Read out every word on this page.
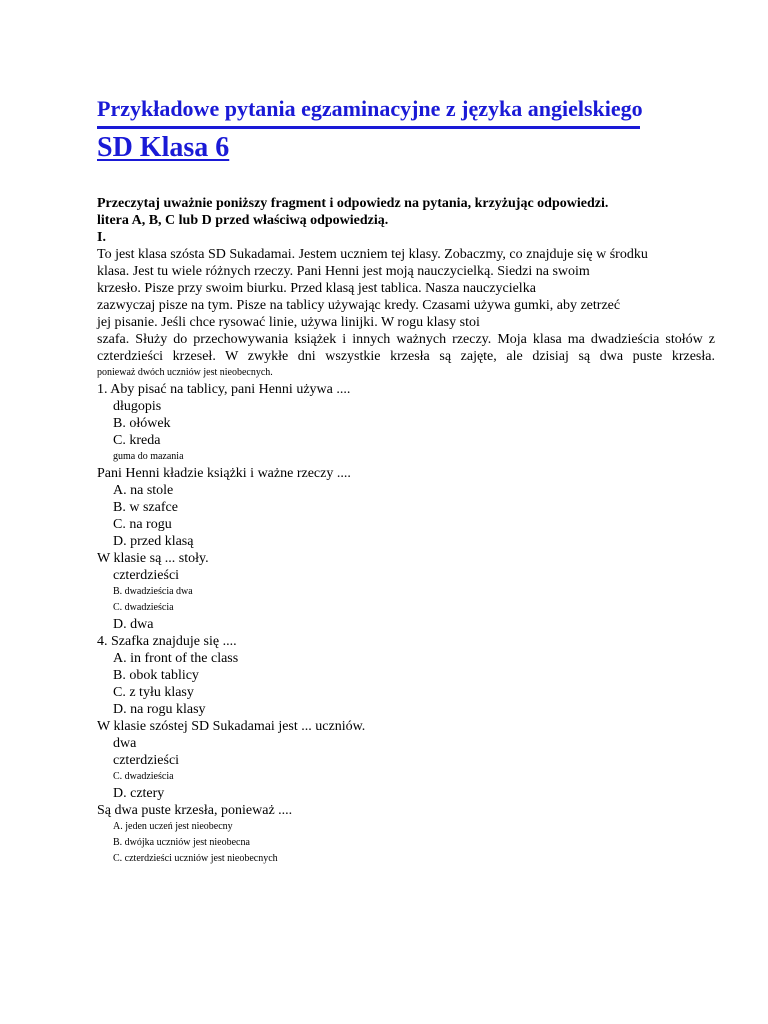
Przykładowe pytania egzaminacyjne z języka angielskiego
SD Klasa 6
Przeczytaj uważnie poniższy fragment i odpowiedz na pytania, krzyżując odpowiedzi.
litera A, B, C lub D przed właściwą odpowiedzią.
I.
To jest klasa szósta SD Sukadamai. Jestem uczniem tej klasy. Zobaczmy, co znajduje się w środku
klasa. Jest tu wiele różnych rzeczy. Pani Henni jest moją nauczycielką. Siedzi na swoim
krzesło. Pisze przy swoim biurku. Przed klasą jest tablica. Nasza nauczycielka
zazwyczaj pisze na tym. Pisze na tablicy używając kredy. Czasami używa gumki, aby zetrzeć
jej pisanie. Jeśli chce rysować linie, używa linijki. W rogu klasy stoi
szafa. Służy do przechowywania książek i innych ważnych rzeczy. Moja klasa ma dwadzieścia stołów z
czterdzieści krzeseł. W zwykłe dni wszystkie krzesła są zajęte, ale dzisiaj są dwa puste krzesła.
ponieważ dwóch uczniów jest nieobecnych.
1. Aby pisać na tablicy, pani Henni używa ....
długopis
B. ołówek
C. kreda
guma do mazania
Pani Henni kładzie książki i ważne rzeczy ....
A. na stole
B. w szafce
C. na rogu
D. przed klasą
W klasie są ... stoły.
czterdzieści
B. dwadzieścia dwa
C. dwadzieścia
D. dwa
4. Szafka znajduje się ....
A. in front of the class
B. obok tablicy
C. z tyłu klasy
D. na rogu klasy
W klasie szóstej SD Sukadamai jest ... uczniów.
dwa
czterdzieści
C. dwadzieścia
D. cztery
Są dwa puste krzesła, ponieważ ....
A. jeden uczeń jest nieobecny
B. dwójka uczniów jest nieobecna
C. czterdzieści uczniów jest nieobecnych
